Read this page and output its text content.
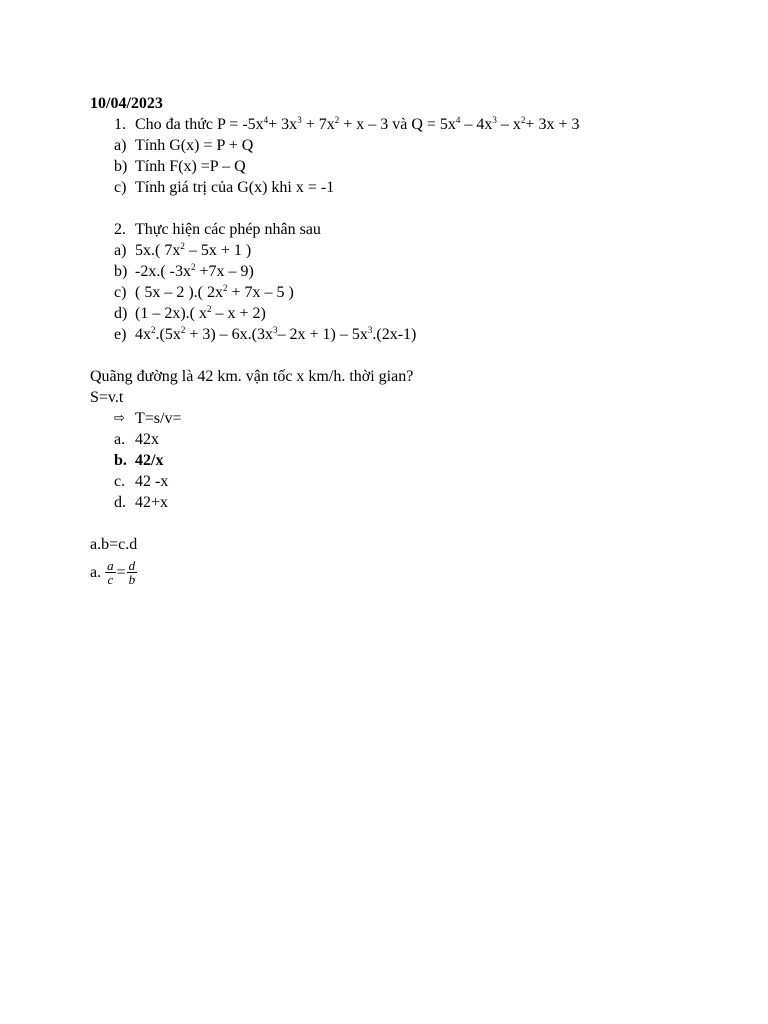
10/04/2023
1. Cho đa thức $P = -5x^4+ 3x^3 + 7x^2 + x - 3$ và $Q = 5x^4 - 4x^3 - x^2+ 3x + 3$
a) Tính G(x) = P + Q
b) Tính F(x) =P – Q
c) Tính giá trị của G(x) khi x = -1
2. Thực hiện các phép nhân sau
a) 5x.( $7x^2 - 5x + 1$ )
b) -2x.( $-3x^2 +7x - 9$)
c) ( 5x – 2 ).( $2x^2 + 7x - 5$ )
d) (1 – 2x).( $x^2 - x + 2$)
e) $4x^2.(5x^2 + 3) - 6x.(3x^3-$ $2x + 1) - 5x^3.(2x-1)$
Quãng đường là 42 km. vận tốc x km/h. thời gian?
S=v.t
⇨ T=s/v=
a. 42x
b. 42/x
c. 42 -x
d. 42+x
a.b=c.d
a. $\frac{a}{c} = \frac{d}{b}$
